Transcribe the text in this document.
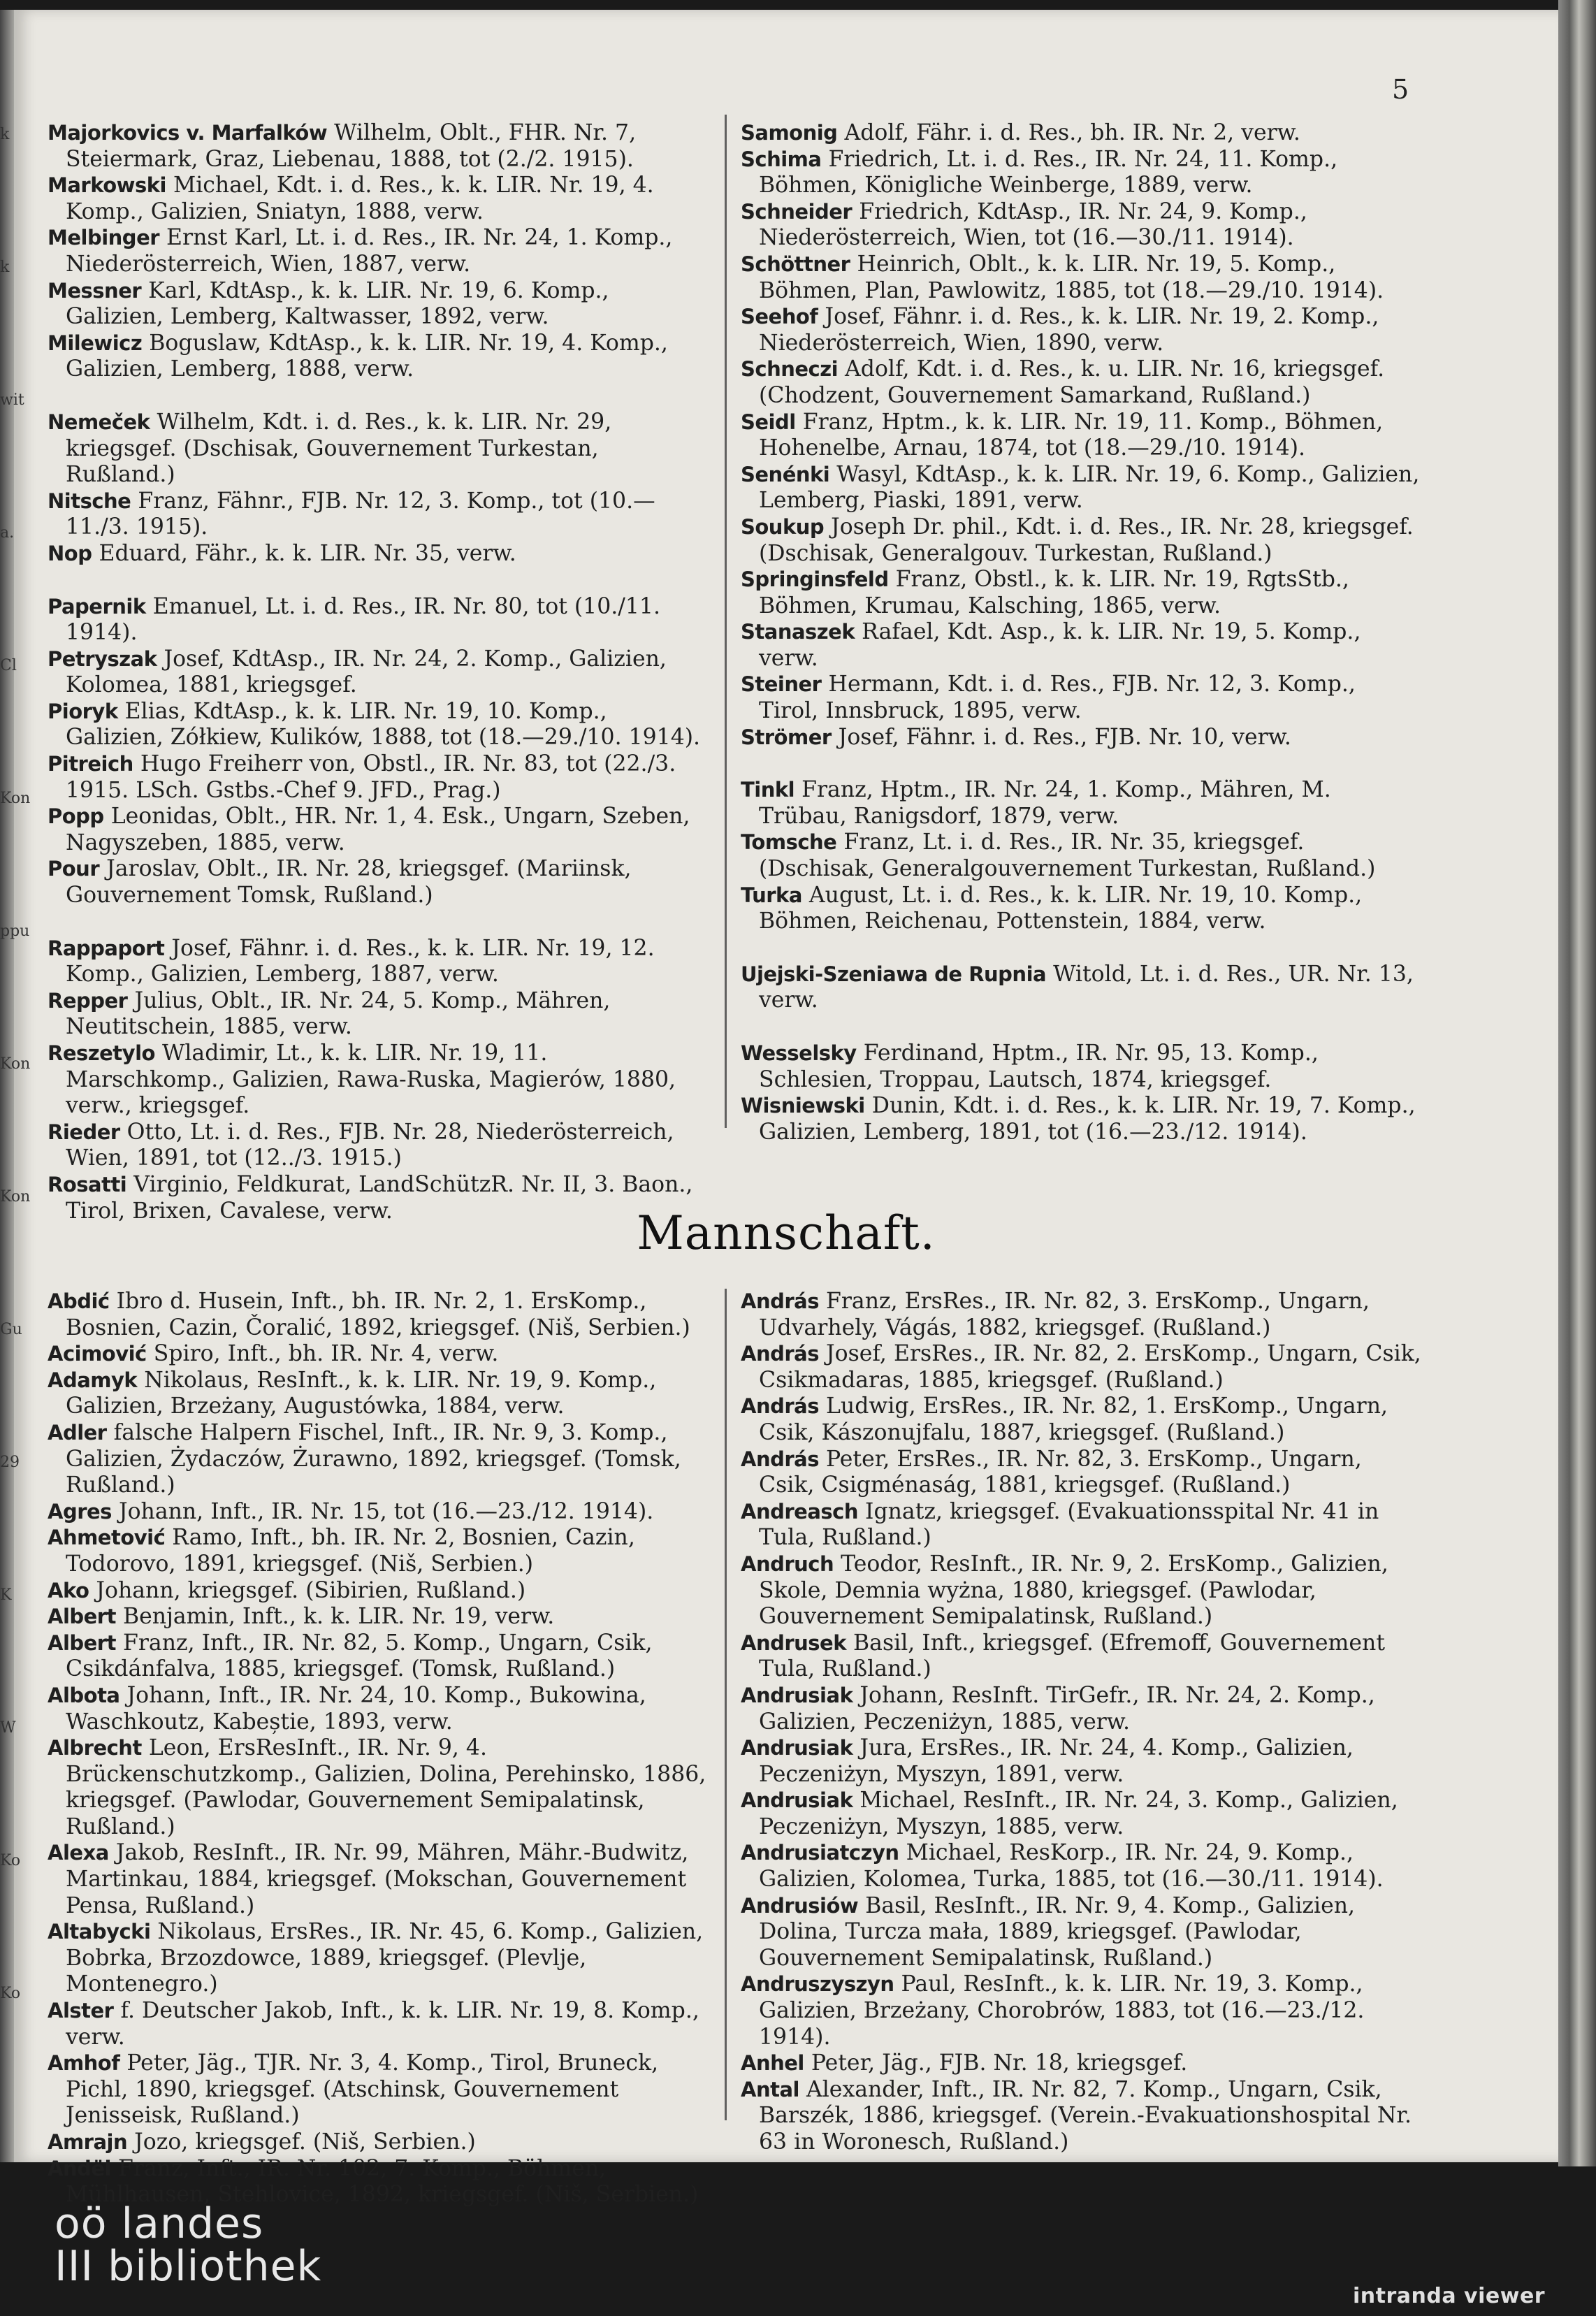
5

Majorkovics v. Marfalków Wilhelm, Oblt., FHR. Nr. 7, Steiermark, Graz, Liebenau, 1888, tot (2./2. 1915).

Markowski Michael, Kdt. i. d. Res., k. k. LIR. Nr. 19, 4. Komp., Galizien, Sniatyn, 1888, verw.

Melbinger Ernst Karl, Lt. i. d. Res., IR. Nr. 24, 1. Komp., Niederösterreich, Wien, 1887, verw.

Messner Karl, KdtAsp., k. k. LIR. Nr. 19, 6. Komp., Galizien, Lemberg, Kaltwasser, 1892, verw.

Milewicz Boguslaw, KdtAsp., k. k. LIR. Nr. 19, 4. Komp., Galizien, Lemberg, 1888, verw.

Nemeček Wilhelm, Kdt. i. d. Res., k. k. LIR. Nr. 29, kriegsgef. (Dschisak, Gouvernement Turkestan, Rußland.)

Nitsche Franz, Fähnr., FJB. Nr. 12, 3. Komp., tot (10.—11./3. 1915).

Nop Eduard, Fähr., k. k. LIR. Nr. 35, verw.

Papernik Emanuel, Lt. i. d. Res., IR. Nr. 80, tot (10./11. 1914).

Petryszak Josef, KdtAsp., IR. Nr. 24, 2. Komp., Galizien, Kolomea, 1881, kriegsgef.

Pioryk Elias, KdtAsp., k. k. LIR. Nr. 19, 10. Komp., Galizien, Zółkiew, Kulików, 1888, tot (18.—29./10. 1914).

Pitreich Hugo Freiherr von, Obstl., IR. Nr. 83, tot (22./3. 1915. LSch. Gstbs.-Chef 9. JFD., Prag.)

Popp Leonidas, Oblt., HR. Nr. 1, 4. Esk., Ungarn, Szeben, Nagyszeben, 1885, verw.

Pour Jaroslav, Oblt., IR. Nr. 28, kriegsgef. (Mariinsk, Gouvernement Tomsk, Rußland.)

Rappaport Josef, Fähnr. i. d. Res., k. k. LIR. Nr. 19, 12. Komp., Galizien, Lemberg, 1887, verw.

Repper Julius, Oblt., IR. Nr. 24, 5. Komp., Mähren, Neutitschein, 1885, verw.

Reszetylo Wladimir, Lt., k. k. LIR. Nr. 19, 11. Marschkomp., Galizien, Rawa-Ruska, Magierów, 1880, verw., kriegsgef.

Rieder Otto, Lt. i. d. Res., FJB. Nr. 28, Niederösterreich, Wien, 1891, tot (12../3. 1915.)

Rosatti Virginio, Feldkurat, LandSchützR. Nr. II, 3. Baon., Tirol, Brixen, Cavalese, verw.

Samonig Adolf, Fähr. i. d. Res., bh. IR. Nr. 2, verw.

Schima Friedrich, Lt. i. d. Res., IR. Nr. 24, 11. Komp., Böhmen, Königliche Weinberge, 1889, verw.

Schneider Friedrich, KdtAsp., IR. Nr. 24, 9. Komp., Niederösterreich, Wien, tot (16.—30./11. 1914).

Schöttner Heinrich, Oblt., k. k. LIR. Nr. 19, 5. Komp., Böhmen, Plan, Pawlowitz, 1885, tot (18.—29./10. 1914).

Seehof Josef, Fähnr. i. d. Res., k. k. LIR. Nr. 19, 2. Komp., Niederösterreich, Wien, 1890, verw.

Schneczi Adolf, Kdt. i. d. Res., k. u. LIR. Nr. 16, kriegsgef. (Chodzent, Gouvernement Samarkand, Rußland.)

Seidl Franz, Hptm., k. k. LIR. Nr. 19, 11. Komp., Böhmen, Hohenelbe, Arnau, 1874, tot (18.—29./10. 1914).

Senénki Wasyl, KdtAsp., k. k. LIR. Nr. 19, 6. Komp., Galizien, Lemberg, Piaski, 1891, verw.

Soukup Joseph Dr. phil., Kdt. i. d. Res., IR. Nr. 28, kriegsgef. (Dschisak, Generalgouv. Turkestan, Rußland.)

Springinsfeld Franz, Obstl., k. k. LIR. Nr. 19, RgtsStb., Böhmen, Krumau, Kalsching, 1865, verw.

Stanaszek Rafael, Kdt. Asp., k. k. LIR. Nr. 19, 5. Komp., verw.

Steiner Hermann, Kdt. i. d. Res., FJB. Nr. 12, 3. Komp., Tirol, Innsbruck, 1895, verw.

Strömer Josef, Fähnr. i. d. Res., FJB. Nr. 10, verw.

Tinkl Franz, Hptm., IR. Nr. 24, 1. Komp., Mähren, M. Trübau, Ranigsdorf, 1879, verw.

Tomsche Franz, Lt. i. d. Res., IR. Nr. 35, kriegsgef. (Dschisak, Generalgouvernement Turkestan, Rußland.)

Turka August, Lt. i. d. Res., k. k. LIR. Nr. 19, 10. Komp., Böhmen, Reichenau, Pottenstein, 1884, verw.

Ujejski-Szeniawa de Rupnia Witold, Lt. i. d. Res., UR. Nr. 13, verw.

Wesselsky Ferdinand, Hptm., IR. Nr. 95, 13. Komp., Schlesien, Troppau, Lautsch, 1874, kriegsgef.

Wisniewski Dunin, Kdt. i. d. Res., k. k. LIR. Nr. 19, 7. Komp., Galizien, Lemberg, 1891, tot (16.—23./12. 1914).

Mannschaft.

Abdić Ibro d. Husein, Inft., bh. IR. Nr. 2, 1. ErsKomp., Bosnien, Cazin, Čoralić, 1892, kriegsgef. (Niš, Serbien.)

Acimović Spiro, Inft., bh. IR. Nr. 4, verw.

Adamyk Nikolaus, ResInft., k. k. LIR. Nr. 19, 9. Komp., Galizien, Brzeżany, Augustówka, 1884, verw.

Adler falsche Halpern Fischel, Inft., IR. Nr. 9, 3. Komp., Galizien, Żydaczów, Żurawno, 1892, kriegsgef. (Tomsk, Rußland.)

Agres Johann, Inft., IR. Nr. 15, tot (16.—23./12. 1914).

Ahmetović Ramo, Inft., bh. IR. Nr. 2, Bosnien, Cazin, Todorovo, 1891, kriegsgef. (Niš, Serbien.)

Ako Johann, kriegsgef. (Sibirien, Rußland.)

Albert Benjamin, Inft., k. k. LIR. Nr. 19, verw.

Albert Franz, Inft., IR. Nr. 82, 5. Komp., Ungarn, Csik, Csikdánfalva, 1885, kriegsgef. (Tomsk, Rußland.)

Albota Johann, Inft., IR. Nr. 24, 10. Komp., Bukowina, Waschkoutz, Kabeștie, 1893, verw.

Albrecht Leon, ErsResInft., IR. Nr. 9, 4. Brückenschutzkomp., Galizien, Dolina, Perehinsko, 1886, kriegsgef. (Pawlodar, Gouvernement Semipalatinsk, Rußland.)

Alexa Jakob, ResInft., IR. Nr. 99, Mähren, Mähr.-Budwitz, Martinkau, 1884, kriegsgef. (Mokschan, Gouvernement Pensa, Rußland.)

Altabycki Nikolaus, ErsRes., IR. Nr. 45, 6. Komp., Galizien, Bobrka, Brzozdowce, 1889, kriegsgef. (Plevlje, Montenegro.)

Alster f. Deutscher Jakob, Inft., k. k. LIR. Nr. 19, 8. Komp., verw.

Amhof Peter, Jäg., TJR. Nr. 3, 4. Komp., Tirol, Bruneck, Pichl, 1890, kriegsgef. (Atschinsk, Gouvernement Jenisseisk, Rußland.)

Amrajn Jozo, kriegsgef. (Niš, Serbien.)

Andël Franz, Inft., IR. Nr. 102, 7. Komp., Böhmen, Mühlhausen, Stehlovice, 1892, kriegsgef. (Niš, Serbien.)

András Franz, ErsRes., IR. Nr. 82, 3. ErsKomp., Ungarn, Udvarhely, Vágás, 1882, kriegsgef. (Rußland.)

András Josef, ErsRes., IR. Nr. 82, 2. ErsKomp., Ungarn, Csik, Csikmadaras, 1885, kriegsgef. (Rußland.)

András Ludwig, ErsRes., IR. Nr. 82, 1. ErsKomp., Ungarn, Csik, Kászonujfalu, 1887, kriegsgef. (Rußland.)

András Peter, ErsRes., IR. Nr. 82, 3. ErsKomp., Ungarn, Csik, Csigménaság, 1881, kriegsgef. (Rußland.)

Andreasch Ignatz, kriegsgef. (Evakuationsspital Nr. 41 in Tula, Rußland.)

Andruch Teodor, ResInft., IR. Nr. 9, 2. ErsKomp., Galizien, Skole, Demnia wyżna, 1880, kriegsgef. (Pawlodar, Gouvernement Semipalatinsk, Rußland.)

Andrusek Basil, Inft., kriegsgef. (Efremoff, Gouvernement Tula, Rußland.)

Andrusiak Johann, ResInft. TirGefr., IR. Nr. 24, 2. Komp., Galizien, Peczeniżyn, 1885, verw.

Andrusiak Jura, ErsRes., IR. Nr. 24, 4. Komp., Galizien, Peczeniżyn, Myszyn, 1891, verw.

Andrusiak Michael, ResInft., IR. Nr. 24, 3. Komp., Galizien, Peczeniżyn, Myszyn, 1885, verw.

Andrusiatczyn Michael, ResKorp., IR. Nr. 24, 9. Komp., Galizien, Kolomea, Turka, 1885, tot (16.—30./11. 1914).

Andrusiów Basil, ResInft., IR. Nr. 9, 4. Komp., Galizien, Dolina, Turcza mała, 1889, kriegsgef. (Pawlodar, Gouvernement Semipalatinsk, Rußland.)

Andruszyszyn Paul, ResInft., k. k. LIR. Nr. 19, 3. Komp., Galizien, Brzeżany, Chorobrów, 1883, tot (16.—23./12. 1914).

Anhel Peter, Jäg., FJB. Nr. 18, kriegsgef.

Antal Alexander, Inft., IR. Nr. 82, 7. Komp., Ungarn, Csik, Barszék, 1886, kriegsgef. (Verein.-Evakuationshospital Nr. 63 in Woronesch, Rußland.)

oö landes
III bibliothek
intranda viewer
k
k
wit
a.
Cl
Kon
ppu
Kon
Kon
Gu
29
K
W
Ko
Ko
